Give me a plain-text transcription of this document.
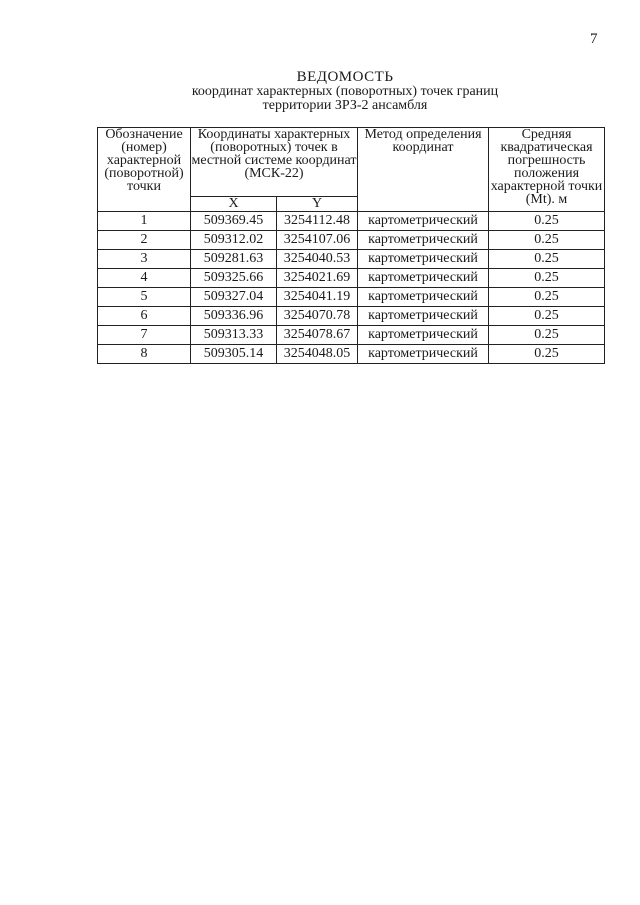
7
ВЕДОМОСТЬ
координат характерных (поворотных) точек границ
территории ЗРЗ-2 ансамбля
Обозначение (номер) характерной (поворотной) точки	Координаты характерных (поворотных) точек в местной системе координат (МСК-22)		Метод определения координат	Средняя квадратическая погрешность положения характерной точки (Mt). м
	X	Y		
1	509369.45	3254112.48	картометрический	0.25
2	509312.02	3254107.06	картометрический	0.25
3	509281.63	3254040.53	картометрический	0.25
4	509325.66	3254021.69	картометрический	0.25
5	509327.04	3254041.19	картометрический	0.25
6	509336.96	3254070.78	картометрический	0.25
7	509313.33	3254078.67	картометрический	0.25
8	509305.14	3254048.05	картометрический	0.25
